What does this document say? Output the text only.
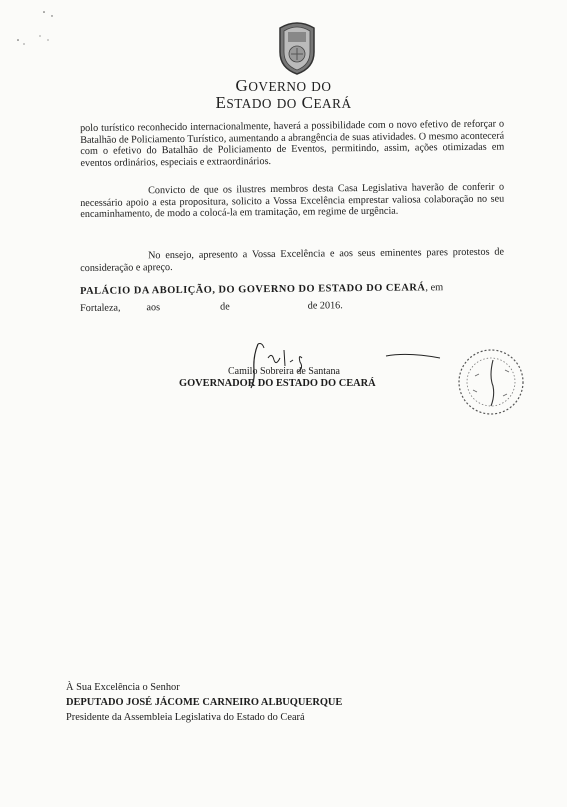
GOVERNO DO
ESTADO DO CEARÁ

polo turístico reconhecido internacionalmente, haverá a possibilidade com o novo efetivo de reforçar o Batalhão de Policiamento Turístico, aumentando a abrangência de suas atividades. O mesmo acontecerá com o efetivo do Batalhão de Policiamento de Eventos, permitindo, assim, ações otimizadas em eventos ordinários, especiais e extraordinários.

Convicto de que os ilustres membros desta Casa Legislativa haverão de conferir o necessário apoio a esta propositura, solicito a Vossa Excelência emprestar valiosa colaboração no seu encaminhamento, de modo a colocá-la em tramitação, em regime de urgência.

No ensejo, apresento a Vossa Excelência e aos seus eminentes pares protestos de consideração e apreço.

PALÁCIO DA ABOLIÇÃO, DO GOVERNO DO ESTADO DO CEARÁ, em
Fortaleza,	aos	de	de 2016.
Camilo Sobreira de Santana
GOVERNADOR DO ESTADO DO CEARÁ
À Sua Excelência o Senhor
DEPUTADO JOSÉ JÁCOME CARNEIRO ALBUQUERQUE
Presidente da Assembleia Legislativa do Estado do Ceará
